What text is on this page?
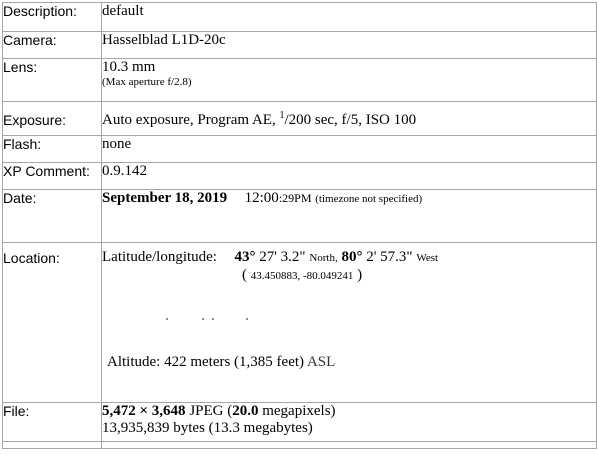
Description:	default
Camera:	Hasselblad L1D-20c
Lens:	10.3 mm
(Max aperture f/2.8)

Exposure:	Auto exposure, Program AE, $^1$/200 sec, f/5, ISO 100
Flash:	none
XP Comment:	0.9.142
Date:	September 18, 2019 12:00:29PM (timezone not specified)
Location:	Latitude/longitude: 43° 27' 3.2" North, 80° 2' 57.3" West
( 43.450883, -80.049241 )
Altitude: 422 meters (1,385 feet) ASL

File:	5,472 × 3,648 JPEG (20.0 megapixels)
13,935,839 bytes (13.3 megabytes)
